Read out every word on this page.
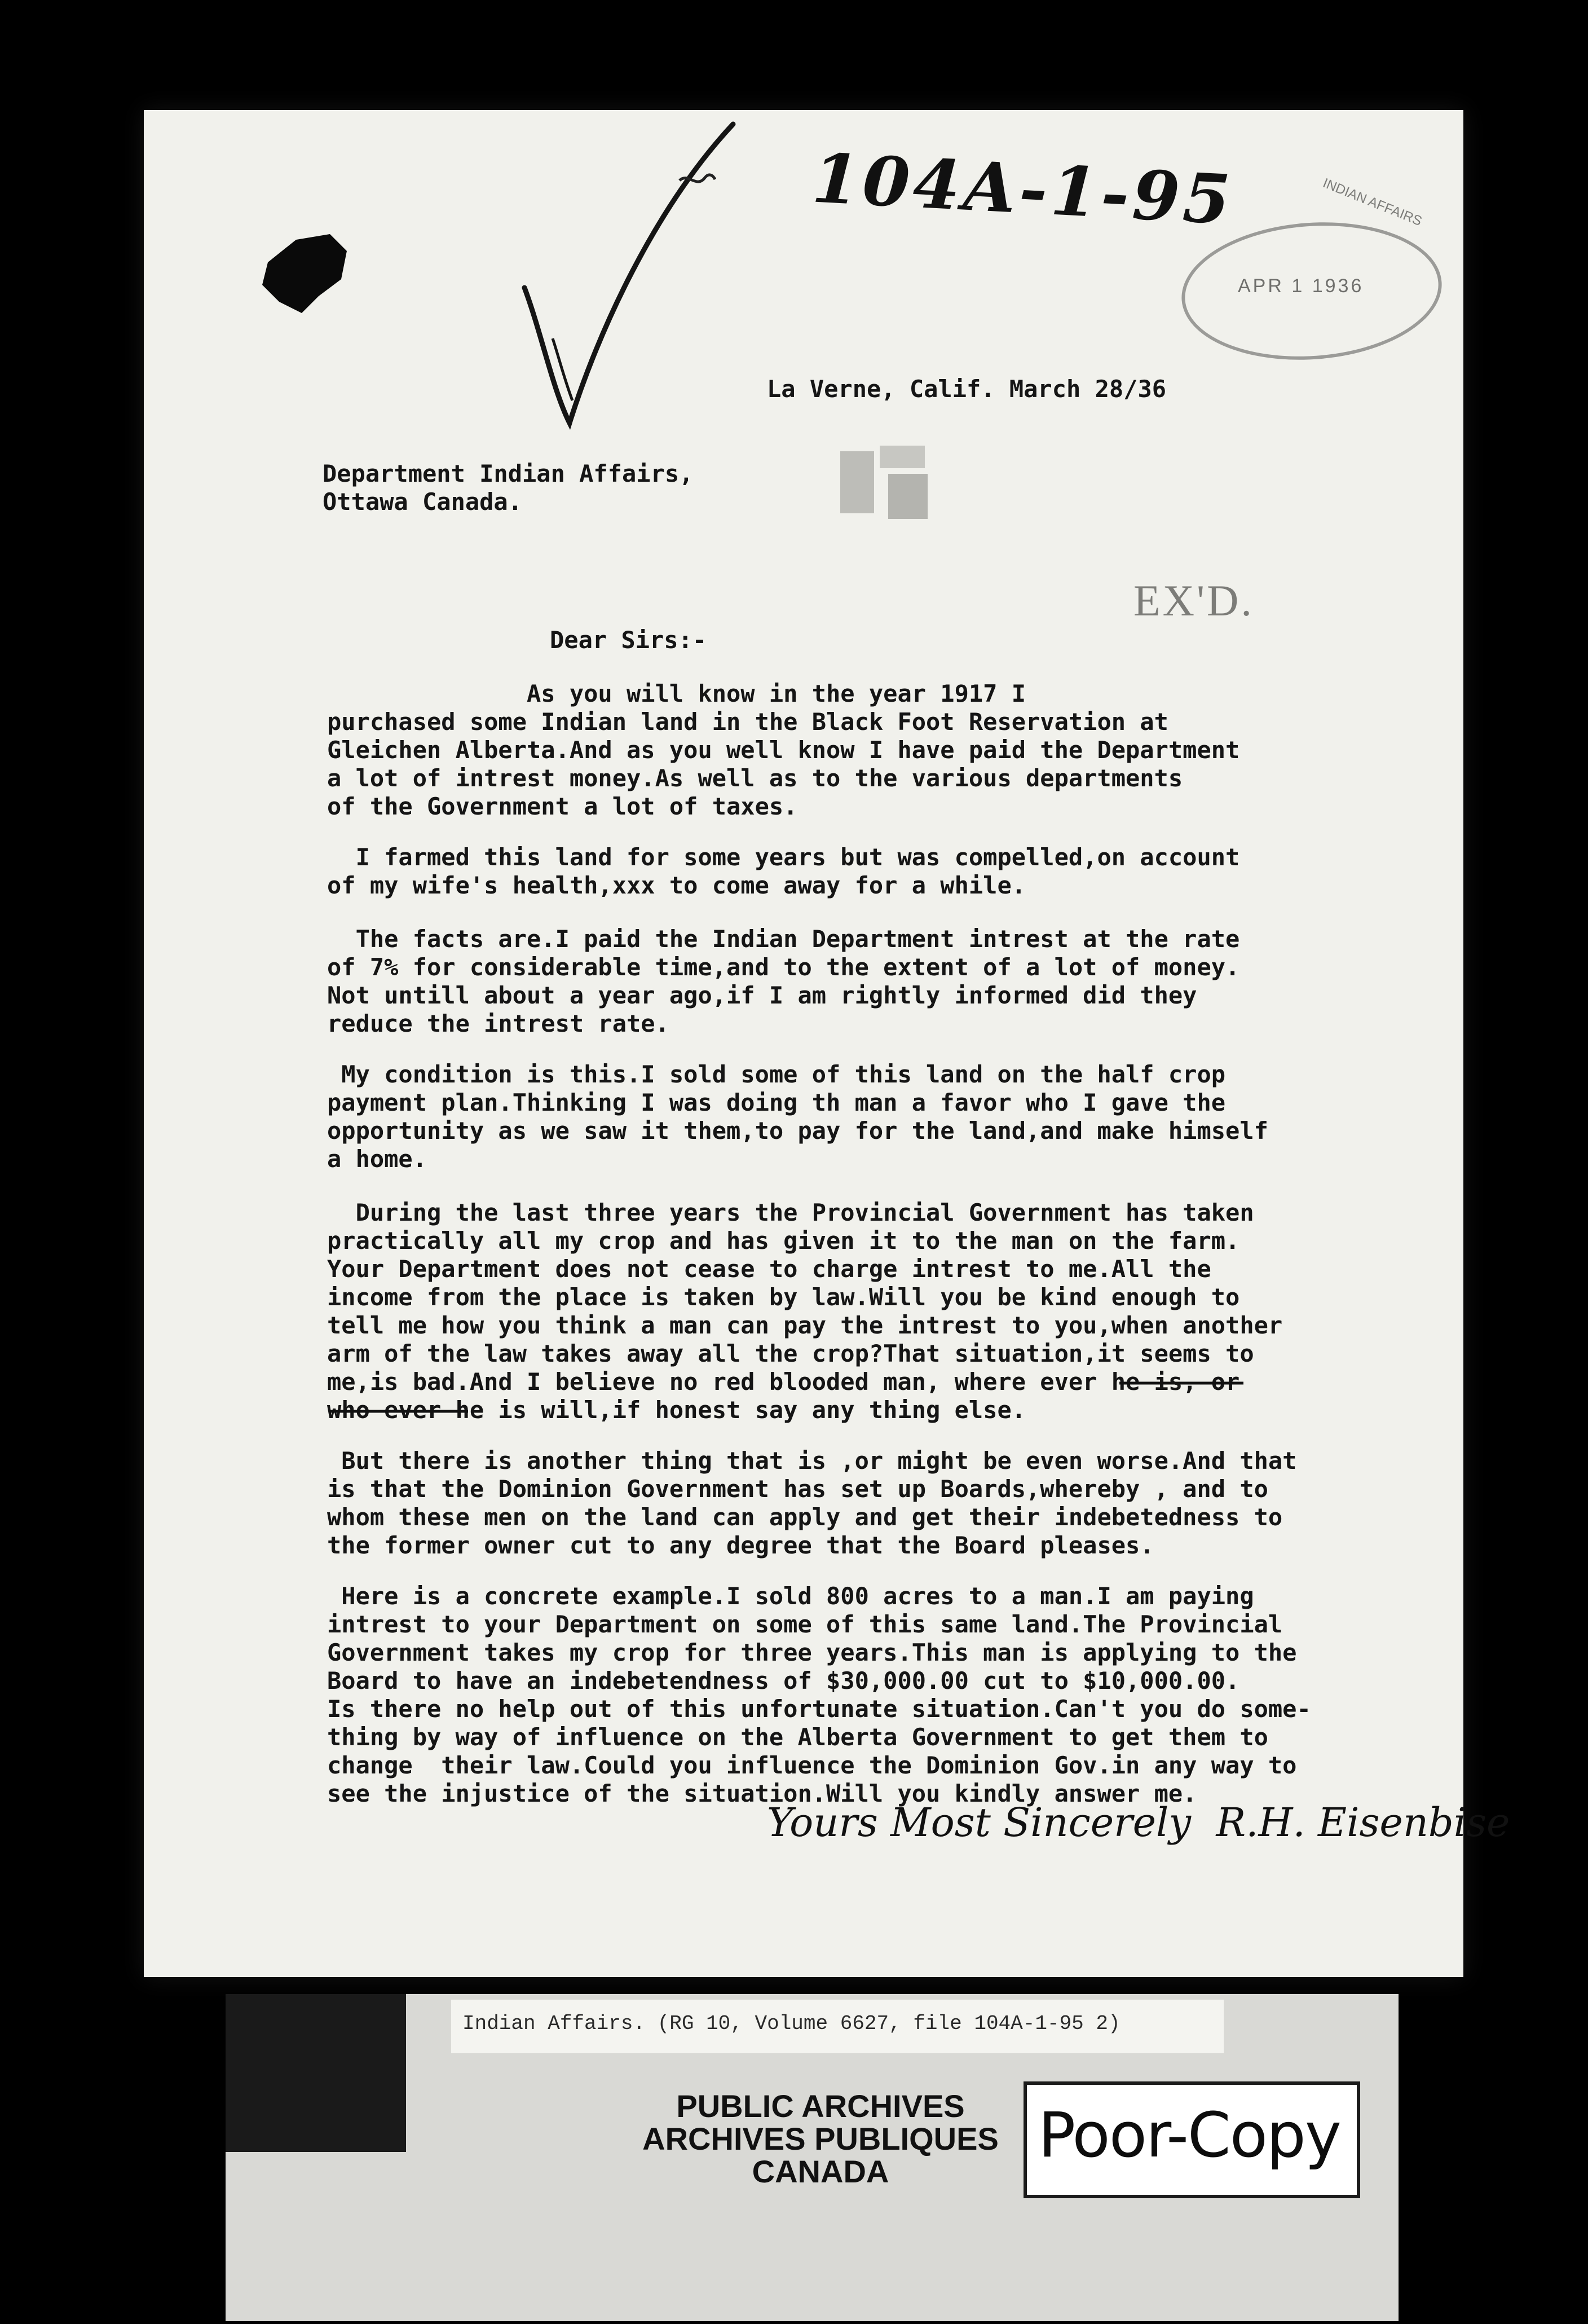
104A-1-95	INDIAN AFFAIRS
APR 1 1936
EX'D.
La Verne, Calif. March 28/36
Department Indian Affairs,
Ottawa Canada.
Dear Sirs:-
As you will know in the year 1917 I
purchased some Indian land in the Black Foot Reservation at
Gleichen Alberta.And as you well know I have paid the Department
a lot of intrest money.As well as to the various departments
of the Government a lot of taxes.
I farmed this land for some years but was compelled,on account
of my wife's health,xxx to come away for a while.
The facts are.I paid the Indian Department intrest at the rate
of 7% for considerable time,and to the extent of a lot of money.
Not untill about a year ago,if I am rightly informed did they
reduce the intrest rate.
My condition is this.I sold some of this land on the half crop
payment plan.Thinking I was doing th man a favor who I gave the
opportunity as we saw it them,to pay for the land,and make himself
a home.
During the last three years the Provincial Government has taken
practically all my crop and has given it to the man on the farm.
Your Department does not cease to charge intrest to me.All the
income from the place is taken by law.Will you be kind enough to
tell me how you think a man can pay the intrest to you,when another
arm of the law takes away all the crop?That situation,it seems to
me,is bad.And I believe no red blooded man, where ever he is, or
who ever he is will,if honest say any thing else.
But there is another thing that is ,or might be even worse.And that
is that the Dominion Government has set up Boards,whereby , and to
whom these men on the land can apply and get their indebetedness to
the former owner cut to any degree that the Board pleases.
Here is a concrete example.I sold 800 acres to a man.I am paying
intrest to your Department on some of this same land.The Provincial
Government takes my crop for three years.This man is applying to the
Board to have an indebetendness of $30,000.00 cut to $10,000.00.
Is there no help out of this unfortunate situation.Can't you do some-
thing by way of influence on the Alberta Government to get them to
change  their law.Could you influence the Dominion Gov.in any way to
see the injustice of the situation.Will you kindly answer me.
Yours Most Sincerely  R.H. Eisenbise
Indian Affairs. (RG 10, Volume 6627, file 104A-1-95 2)
PUBLIC ARCHIVES
ARCHIVES PUBLIQUES
CANADA
Poor-Copy
